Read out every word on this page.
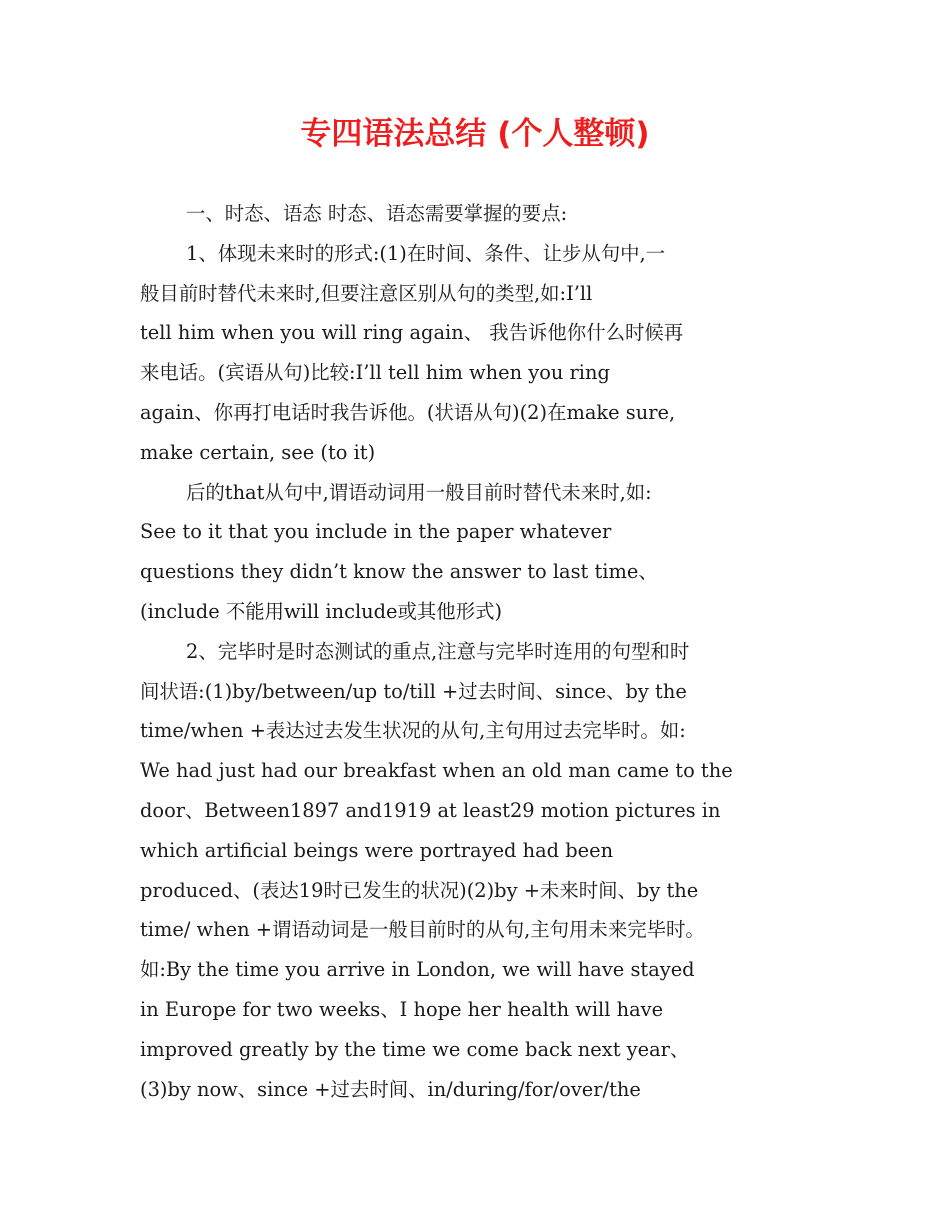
专四语法总结 (个人整顿)
一、时态、语态 时态、语态需要掌握的要点:
1、体现未来时的形式:(1)在时间、条件、让步从句中,一
般目前时替代未来时,但要注意区别从句的类型,如:I’ll
tell him when you will ring again、 我告诉他你什么时候再
来电话。(宾语从句)比较:I’ll tell him when you ring
again、你再打电话时我告诉他。(状语从句)(2)在make sure,
make certain, see (to it)
后的that从句中,谓语动词用一般目前时替代未来时,如:
See to it that you include in the paper whatever
questions they didn’t know the answer to last time、
(include 不能用will include或其他形式)
2、完毕时是时态测试的重点,注意与完毕时连用的句型和时
间状语:(1)by/between/up to/till +过去时间、since、by the
time/when +表达过去发生状况的从句,主句用过去完毕时。如:
We had just had our breakfast when an old man came to the
door、Between1897 and1919 at least29 motion pictures in
which artificial beings were portrayed had been
produced、(表达19时已发生的状况)(2)by +未来时间、by the
time/ when +谓语动词是一般目前时的从句,主句用未来完毕时。
如:By the time you arrive in London, we will have stayed
in Europe for two weeks、I hope her health will have
improved greatly by the time we come back next year、
(3)by now、since +过去时间、in/during/for/over/the
